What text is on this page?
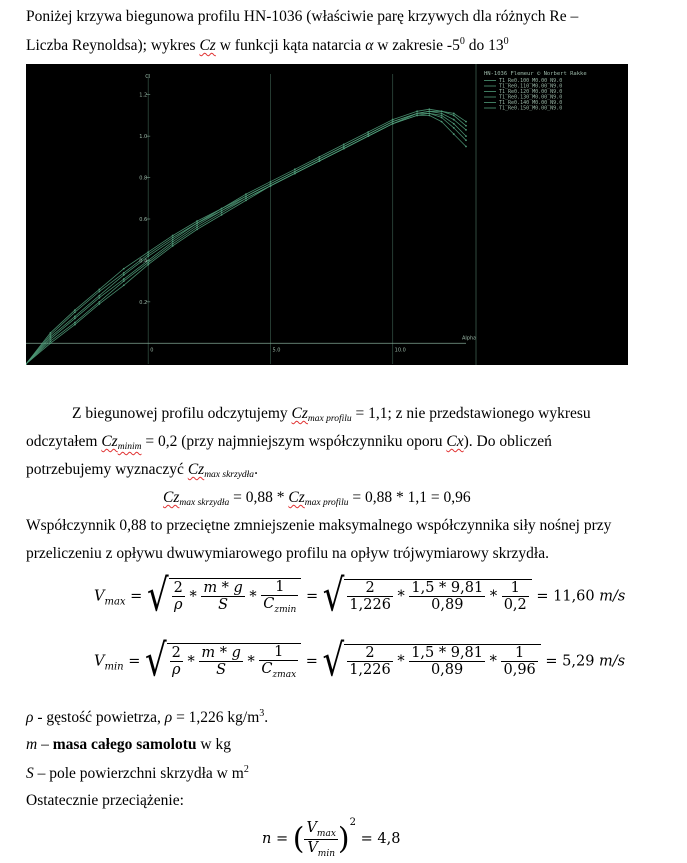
Poniżej krzywa biegunowa profilu HN-1036 (właściwie parę krzywych dla różnych Re –
Liczba Reynoldsa); wykres Cz w funkcji kąta natarcia α w zakresie $-5^0$ do $13^0$
0	5.0	10.0
0.2
0.4
0.6
0.8
1.0
1.2
Cl
Alpha
HN-1036 Flemeur © Norbert Rakke
T1_Re0.100_M0.00_N9.0
T1_Re0.110_M0.00_N9.0
T1_Re0.120_M0.00_N9.0
T1_Re0.130_M0.00_N9.0
T1_Re0.140_M0.00_N9.0
T1_Re0.150_M0.00_N9.0
Z biegunowej profilu odczytujemy $Cz_{max profilu} = 1,1$; z nie przedstawionego wykresu
odczytałem $Cz_{minim} = 0,2$ (przy najmniejszym współczynniku oporu Cx). Do obliczeń
potrzebujemy wyznaczyć $Cz_{max skrzydła}$.
$Cz_{max skrzydła} = 0,88 * Cz_{max profilu} = 0,88 * 1,1 = 0,96$
Współczynnik 0,88 to przeciętne zmniejszenie maksymalnego współczynnika siły nośnej przy
przeliczeniu z opływu dwuwymiarowego profilu na opływ trójwymiarowy skrzydła.
$V_{max}$ = √ $\frac{2}{\rho} * \frac{m * g}{S} * \frac{1}{C_{zmin}}$ = √ $\frac{2}{1,226} * \frac{1,5 * 9,81}{0,89} * \frac{1}{0,2} = 11,60$ m/s
$V_{min}$ = √ $\frac{2}{\rho} * \frac{m * g}{S} * \frac{1}{C_{zmax}}$ = √ $\frac{2}{1,226} * \frac{1,5 * 9,81}{0,89} * \frac{1}{0,96} = 5,29$ m/s
ρ - gęstość powietrza, ρ = 1,226 $kg/m^3$.
m – masa całego samolotu w kg
S – pole powierzchni skrzydła w $m^2$
Ostatecznie przeciążenie:
n = ( $\frac{V_{max}}{V_{min}} )^2 = 4,8$
